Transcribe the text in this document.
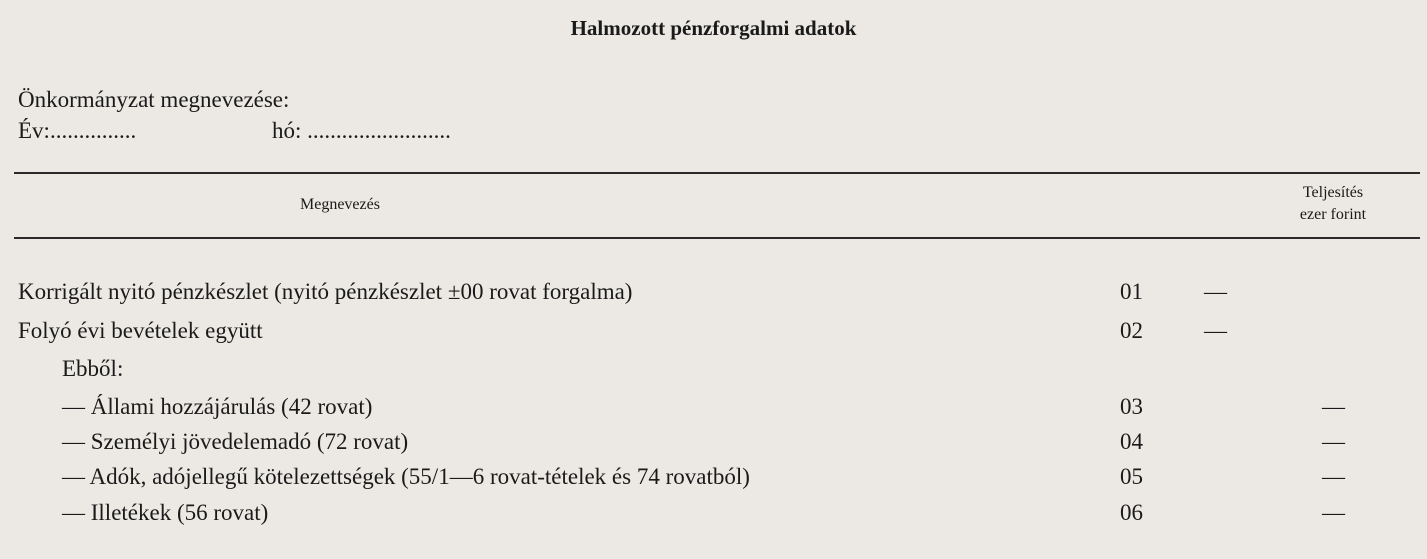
Halmozott pénzforgalmi adatok
Önkormányzat megnevezése:
Év:...............	hó: .........................
Megnevezés
Teljesítés
ezer forint
Korrigált nyitó pénzkészlet (nyitó pénzkészlet ±00 rovat forgalma)	01	—
Folyó évi bevételek együtt	02	—
Ebből:
— Állami hozzájárulás (42 rovat)	03	—
— Személyi jövedelemadó (72 rovat)	04	—
— Adók, adójellegű kötelezettségek (55/1—6 rovat-tételek és 74 rovatból)	05	—
— Illetékek (56 rovat)	06	—
